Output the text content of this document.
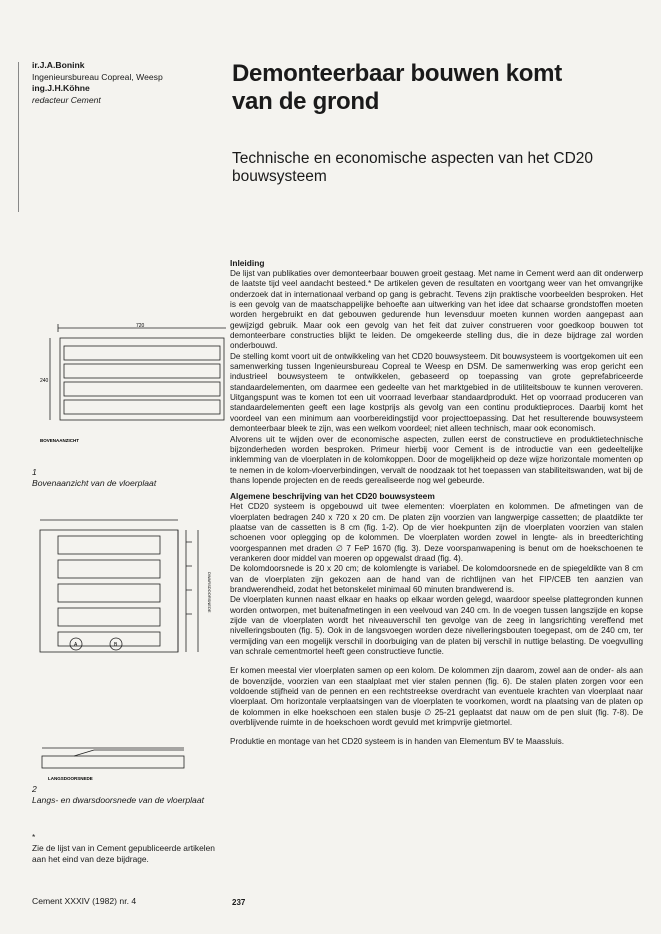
ir.J.A.Bonink
Ingenieursbureau Copreal, Weesp
ing.J.H.Köhne
redacteur Cement
Demonteerbaar bouwen komt
van de grond
Technische en economische aspecten van het CD20 bouwsysteem
Inleiding

De lijst van publikaties over demonteerbaar bouwen groeit gestaag. Met name in Cement werd aan dit onderwerp de laatste tijd veel aandacht besteed.* De artikelen geven de resultaten en voortgang weer van het omvangrijke onderzoek dat in internationaal verband op gang is gebracht. Tevens zijn praktische voorbeelden besproken. Het is een gevolg van de maatschappelijke behoefte aan uitwerking van het idee dat schaarse grondstoffen moeten worden hergebruikt en dat gebouwen gedurende hun levensduur moeten kunnen worden aangepast aan gewijzigd gebruik. Maar ook een gevolg van het feit dat zuiver construeren voor goedkoop bouwen tot demonteerbare constructies blijkt te leiden. De omgekeerde stelling dus, die in deze bijdrage zal worden onderbouwd.

De stelling komt voort uit de ontwikkeling van het CD20 bouwsysteem. Dit bouwsysteem is voortgekomen uit een samenwerking tussen Ingenieursbureau Copreal te Weesp en DSM. De samenwerking was erop gericht een industrieel bouwsysteem te ontwikkelen, gebaseerd op toepassing van grote geprefabriceerde standaardelementen, om daarmee een gedeelte van het marktgebied in de utiliteitsbouw te kunnen veroveren. Uitgangspunt was te komen tot een uit voorraad leverbaar standaardprodukt. Het op voorraad produceren van standaardelementen geeft een lage kostprijs als gevolg van een continu produktieproces. Daarbij komt het voordeel van een minimum aan voorbereidingstijd voor projecttoepassing. Dat het resulterende bouwsysteem demonteerbaar bleek te zijn, was een welkom voordeel; niet alleen technisch, maar ook economisch.

Alvorens uit te wijden over de economische aspecten, zullen eerst de constructieve en produktietechnische bijzonderheden worden besproken. Primeur hierbij voor Cement is de introductie van een gedeeltelijke inklemming van de vloerplaten in de kolomkoppen. Door de mogelijkheid op deze wijze horizontale momenten op te nemen in de kolom-vloerverbindingen, vervalt de noodzaak tot het toepassen van stabiliteitswanden, wat bij de thans lopende projecten en de reeds gerealiseerde nog wel gebeurde.

Algemene beschrijving van het CD20 bouwsysteem

Het CD20 systeem is opgebouwd uit twee elementen: vloerplaten en kolommen. De afmetingen van de vloerplaten bedragen 240 x 720 x 20 cm. De platen zijn voorzien van langwerpige cassetten; de plaatdikte ter plaatse van de cassetten is 8 cm (fig. 1-2). Op de vier hoekpunten zijn de vloerplaten voorzien van stalen schoenen voor oplegging op de kolommen. De vloerplaten worden zowel in lengte- als in breedterichting voorgespannen met draden ∅ 7 FeP 1670 (fig. 3). Deze voorspanwapening is benut om de hoekschoenen te verankeren door middel van moeren op opgewalst draad (fig. 4).

De kolomdoorsnede is 20 x 20 cm; de kolomlengte is variabel. De kolomdoorsnede en de spiegeldikte van 8 cm van de vloerplaten zijn gekozen aan de hand van de richtlijnen van het FIP/CEB ten aanzien van brandwerendheid, zodat het betonskelet minimaal 60 minuten brandwerend is.

De vloerplaten kunnen naast elkaar en haaks op elkaar worden gelegd, waardoor speelse plattegronden kunnen worden ontworpen, met buitenafmetingen in een veelvoud van 240 cm. In de voegen tussen langszijde en kopse zijde van de vloerplaten wordt het niveauverschil ten gevolge van de zeeg in langsrichting vereffend met nivelleringsbouten (fig. 5). Ook in de langsvoegen worden deze nivelleringsbouten toegepast, om de 240 cm, ter vermijding van een mogelijk verschil in doorbuiging van de platen bij verschil in nuttige belasting. De voegvulling van schrale cementmortel heeft geen constructieve functie.

Er komen meestal vier vloerplaten samen op een kolom. De kolommen zijn daarom, zowel aan de onder- als aan de bovenzijde, voorzien van een staalplaat met vier stalen pennen (fig. 6). De stalen platen zorgen voor een voldoende stijfheid van de pennen en een rechtstreekse overdracht van eventuele krachten van vloerplaat naar vloerplaat. Om horizontale verplaatsingen van de vloerplaten te voorkomen, wordt na plaatsing van de platen op de kolommen in elke hoekschoen een stalen busje ∅ 25-21 geplaatst dat nauw om de pen sluit (fig. 7-8). De overblijvende ruimte in de hoekschoen wordt gevuld met krimpvrije gietmortel.

Produktie en montage van het CD20 systeem is in handen van Elementum BV te Maassluis.

720
240
BOVENAANZICHT
1
Bovenaanzicht van de vloerplaat
A	B
DWARSDOORSNEDE
LANGSDOORSNEDE
2
Langs- en dwarsdoorsnede van de vloerplaat
*
Zie de lijst van in Cement gepubliceerde artikelen aan het eind van deze bijdrage.
Cement XXXIV (1982) nr. 4	237
